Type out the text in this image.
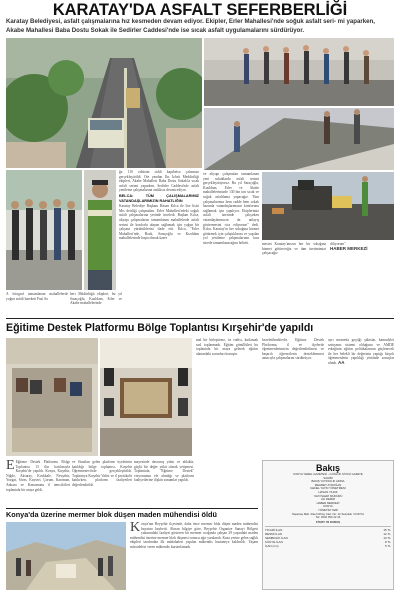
KARATAY'DA ASFALT SEFERBERLİĞİ
Karatay Belediyesi, asfalt çalışmalarına hız kesmeden devam ediyor. Ekipler, Erler Mahallesi'nde soğuk asfalt seri- mi yaparken, Akabe Mahallesi Baba Dostu Sokak ile Sedirler Caddesi'nde ise sıcak asfalt uygulamalarını sürdürüyor.
ğa 110 otbüsün siddi kapibetsa çalısması gerçekleştirildi. Ote yandan Ilıs İzlırit Meddiriliği ekipleri, Akabe Mahallesi Baba Dostu Sokak'ta sıcak asfalt serimi yaparken, Sedirler Caddesi'nde asfalt yenileme çalışmalarına aralıksız devam ediyor.
BELCA: TÜM ÇALIŞMALARIMIZ VATANDAŞLARIMIZIN RAHATLIĞIN
Karatay Belediye Başkanı Hasan Kılca ile lise lisisi Mıs deirliği çalışmaları. Erler Mahallesi'ndeki soğuk asfalt çalışmalarına yerinde inceledi. Başkan Kılca, altyapı çalışmalarını tamamlanan mahallelerde asfalt serimi ile konforlu ulaşım sağlamak için yoğun bir çalışma yürüttüklerini ifade etti. Kılca, "Erler Mahallesi'nde, Bozk, Saraçoğlu ve Kızıldam mahallelerinde başta olmak üzere
ve altyapı çalışmaları tamamlanan yeni sokaklarda asfalt serimi gerçekleştiriyoruz. Bu yıl Saraçoğlu, Kızıldam, Erler ve Akabe mahallelerimizde 130 bin ton sıcak ve soğuk asfaltlama yapacağız. Tüm çalışmalarımız hem cadde hem sokak bazında vatandaşlarımızın konforunu sağlamak için yapılıyor. Ekiplerimiz asfalt üzerinde çalışırken vatandaşlarımızın da anlayış göstermesini rica ediyorum" dedi. Kılca, Karatay'ın her sokağına hizmet götürmek için çalıştıklarını ve yapılan yol yenileme çalışmalarının kısa sürede tamamlanacağını belirtti.	mesini Karatay'ımızın her bir sokağına hizmet götüreceğiz ve tüm üretimimizi çalışacağız
diliyorum"
HABER MERKEZİ
A fotograf tamamlanan mahallelerde yoğun asfalt hareketi Pazi Sa
heri Müdürlüğü ekipleri, bu yıl Saraçoğlu, Kızıldam, Erler ve Akabe mahallelerinde
Eğitime Destek Platformu Bölge Toplantısı Kırşehir'de yapıldı
mal bir birleştirme, öz vadisi, kutlamak sasl toplanmadı. Eğitim gönüllüleri bu toplantıda bir araya gelerek eğitim alanındaki sorunları konuştu.
bezeletilmektedir. Eğitime Destek Platformu, il ve ilçelerde öğretmenlerimizin değerlendirilmesi ve başarılı öğrencilerin desteklenmesi amacıyla çalışmalarını sürdürüyor.
ayrı mesneda geçtiği şüktsün, kamudylet sartışmas sistemi olduğunu ve AMDE erkeğinin eğitim politikalarının güçlenecek ile her belekli bir değerinin yaptığı birçok öğretmenlerin yapıldığı yönünde sonuçlar alındı. AA
E Eğitime Destek Platformu Bölge Toplantısı 13 ilin katılımıyla Kırşehir'de yapıldı. Konya, Kırşehir, Niğde, Aksaray, Kırıkkale, Nevşehir, Yozgat, Sivas, Kayseri, Çorum, Karaman, Ankara ve Kastamonu il temsilcileri toplantıda bir araya geldi.
ve Strazları gelen platform üyelerinin katıldığı bölge toplantısı, Kırşehir Öğretmenevi'nde gerçekleştirildi. Toplantıya Kırşehir Valisi ve il protokolü katılırken, platform faaliyetleri değerlendirildi.
mayesinde davranış yılmı ve ahlakla, güçlü bir değer yükü olarak yetişmesi. Toplantıda, "Eğitime Destek" vizyonunun ele alındığı ve platform faaliyetlerine ilişkin sunumlar yapıldı.
Bakış
KONYA YEREL GAZETESİ - GÜNLÜK SİYASİ GAZETE
SAHİBİ
BAKIŞ YAYINCILIK ADINA
MEHMET AYDOĞAN
GENEL YAYIN YÖNETMENİ
HASAN YILDIZ
YAZI İŞLERİ MÜDÜRÜ
ALİ DEMİR
HABER MERKEZİ
KONYA
YÖNETİM YERİ
Nişantaş Mah. Rauf Orbay Cad. No: 12 Selçuklu / KONYA
Tel: 0332 350 42 43
FİYATI: 50 KURUŞ
TİCARİ İLAN	15 TL
RESMİ İLAN	12 TL
SEMBOLİK İLAN	10 TL
KÜNYE İLAN	8 TL
İLAN (cm)	5 TL
Konya'da üzerine mermer blok düşen maden mühendisi öldü
K onya'nın Beyşehir ilçesinde, daha önce mermer blok düşen maden mühendisi hayatını kaybetti. Alınan bilgiye göre, Beyşehir Organize Sanayi Bölgesi yakınındaki faaliyet gösteren bir mermer ocağında çalışan 29 yaşındaki maden mühendisi üzerine mermer blok düşmesi sonucu ağır yaralandı. Kaza yerine gelen sağlık ekipleri tarafından ilk müdahalesi yapılan mühendis hastaneye kaldırıldı. Yaşam mücadelesi veren mühendis kurtarılamadı.
